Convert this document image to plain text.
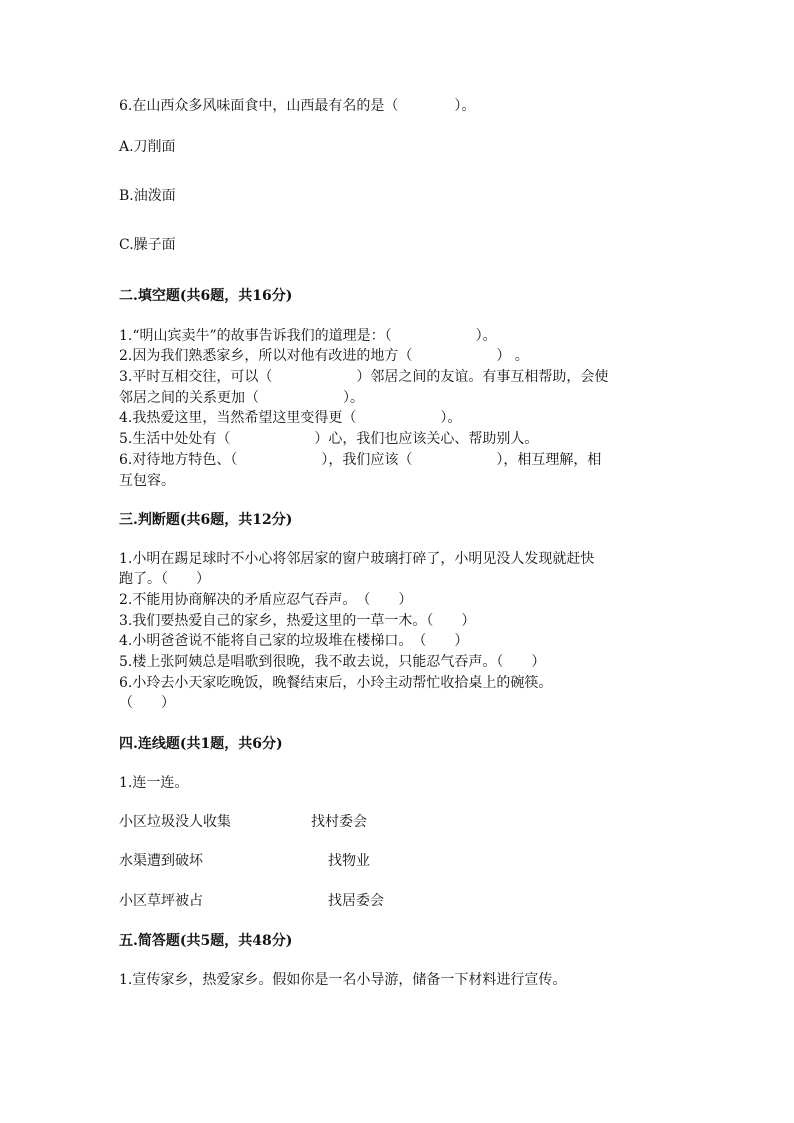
6.在山西众多风味面食中，山西最有名的是（　　　　）。
A.刀削面
B.油泼面
C.臊子面
二.填空题(共6题，共16分)
1.“明山宾卖牛”的故事告诉我们的道理是：（　　　　　　）。
2.因为我们熟悉家乡，所以对他有改进的地方（　　　　　　） 。
3.平时互相交往，可以（　　　　　　）邻居之间的友谊。有事互相帮助，会使
邻居之间的关系更加（　　　　　　）。
4.我热爱这里，当然希望这里变得更（　　　　　　）。
5.生活中处处有（　　　　　　）心，我们也应该关心、帮助别人。
6.对待地方特色、（　　　　　　），我们应该（　　　　　　），相互理解，相
互包容。
三.判断题(共6题，共12分)
1.小明在踢足球时不小心将邻居家的窗户玻璃打碎了，小明见没人发现就赶快
跑了。（　　）
2.不能用协商解决的矛盾应忍气吞声。　（　　）
3.我们要热爱自己的家乡，热爱这里的一草一木。（　　）
4.小明爸爸说不能将自己家的垃圾堆在楼梯口。　（　　）
5.楼上张阿姨总是唱歌到很晚，我不敢去说，只能忍气吞声。（　　）
6.小玲去小天家吃晚饭，晚餐结束后，小玲主动帮忙收拾桌上的碗筷。
（　　）
四.连线题(共1题，共6分)
1.连一连。
小区垃圾没人收集	找村委会
水渠遭到破坏	找物业
小区草坪被占	找居委会
五.简答题(共5题，共48分)
1.宣传家乡，热爱家乡。假如你是一名小导游，储备一下材料进行宣传。
